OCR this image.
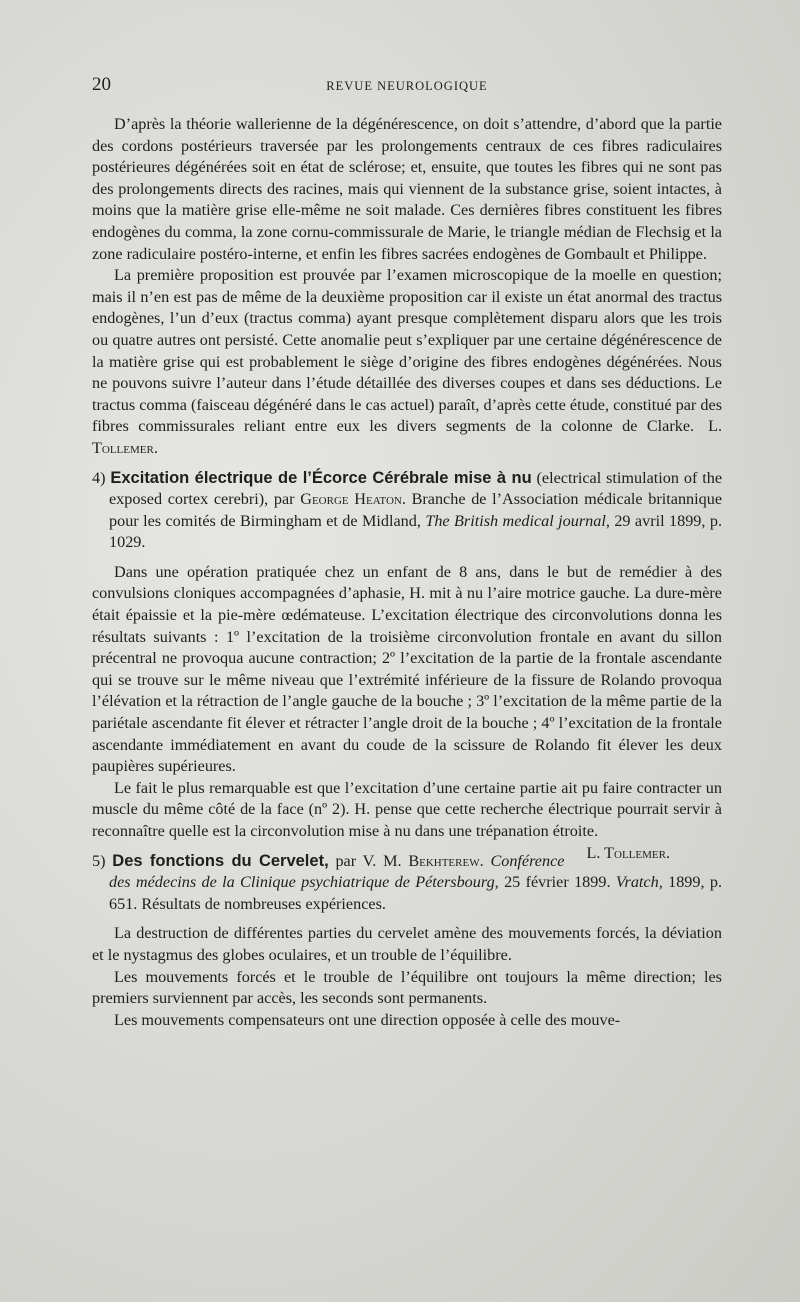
20	REVUE NEUROLOGIQUE

D’après la théorie wallerienne de la dégénérescence, on doit s’attendre, d’abord que la partie des cordons postérieurs traversée par les prolongements centraux de ces fibres radiculaires postérieures dégénérées soit en état de sclérose; et, ensuite, que toutes les fibres qui ne sont pas des prolongements directs des racines, mais qui viennent de la substance grise, soient intactes, à moins que la matière grise elle-même ne soit malade. Ces dernières fibres constituent les fibres endogènes du comma, la zone cornu-commissurale de Marie, le triangle médian de Flechsig et la zone radiculaire postéro-interne, et enfin les fibres sacrées endogènes de Gombault et Philippe.

La première proposition est prouvée par l’examen microscopique de la moelle en question; mais il n’en est pas de même de la deuxième proposition car il existe un état anormal des tractus endogènes, l’un d’eux (tractus comma) ayant presque complètement disparu alors que les trois ou quatre autres ont persisté. Cette anomalie peut s’expliquer par une certaine dégénérescence de la matière grise qui est probablement le siège d’origine des fibres endogènes dégénérées. Nous ne pouvons suivre l’auteur dans l’étude détaillée des diverses coupes et dans ses déductions. Le tractus comma (faisceau dégénéré dans le cas actuel) paraît, d’après cette étude, constitué par des fibres commissurales reliant entre eux les divers segments de la colonne de Clarke. L. Tollemer.

4) Excitation électrique de l’Écorce Cérébrale mise à nu (electrical stimulation of the exposed cortex cerebri), par George Heaton. Branche de l’Association médicale britannique pour les comités de Birmingham et de Midland, The British medical journal, 29 avril 1899, p. 1029.

Dans une opération pratiquée chez un enfant de 8 ans, dans le but de remédier à des convulsions cloniques accompagnées d’aphasie, H. mit à nu l’aire motrice gauche. La dure-mère était épaissie et la pie-mère œdémateuse. L’excitation électrique des circonvolutions donna les résultats suivants : 1º l’excitation de la troisième circonvolution frontale en avant du sillon précentral ne provoqua aucune contraction; 2º l’excitation de la partie de la frontale ascendante qui se trouve sur le même niveau que l’extrémité inférieure de la fissure de Rolando provoqua l’élévation et la rétraction de l’angle gauche de la bouche ; 3º l’excitation de la même partie de la pariétale ascendante fit élever et rétracter l’angle droit de la bouche ; 4º l’excitation de la frontale ascendante immédiatement en avant du coude de la scissure de Rolando fit élever les deux paupières supérieures.

Le fait le plus remarquable est que l’excitation d’une certaine partie ait pu faire contracter un muscle du même côté de la face (nº 2). H. pense que cette recherche électrique pourrait servir à reconnaître quelle est la circonvolution mise à nu dans une trépanation étroite.
L. Tollemer.

5) Des fonctions du Cervelet, par V. M. Bekhterew. Conférence des médecins de la Clinique psychiatrique de Pétersbourg, 25 février 1899. Vratch, 1899, p. 651. Résultats de nombreuses expériences.

La destruction de différentes parties du cervelet amène des mouvements forcés, la déviation et le nystagmus des globes oculaires, et un trouble de l’équilibre.

Les mouvements forcés et le trouble de l’équilibre ont toujours la même direction; les premiers surviennent par accès, les seconds sont permanents.

Les mouvements compensateurs ont une direction opposée à celle des mouve-
